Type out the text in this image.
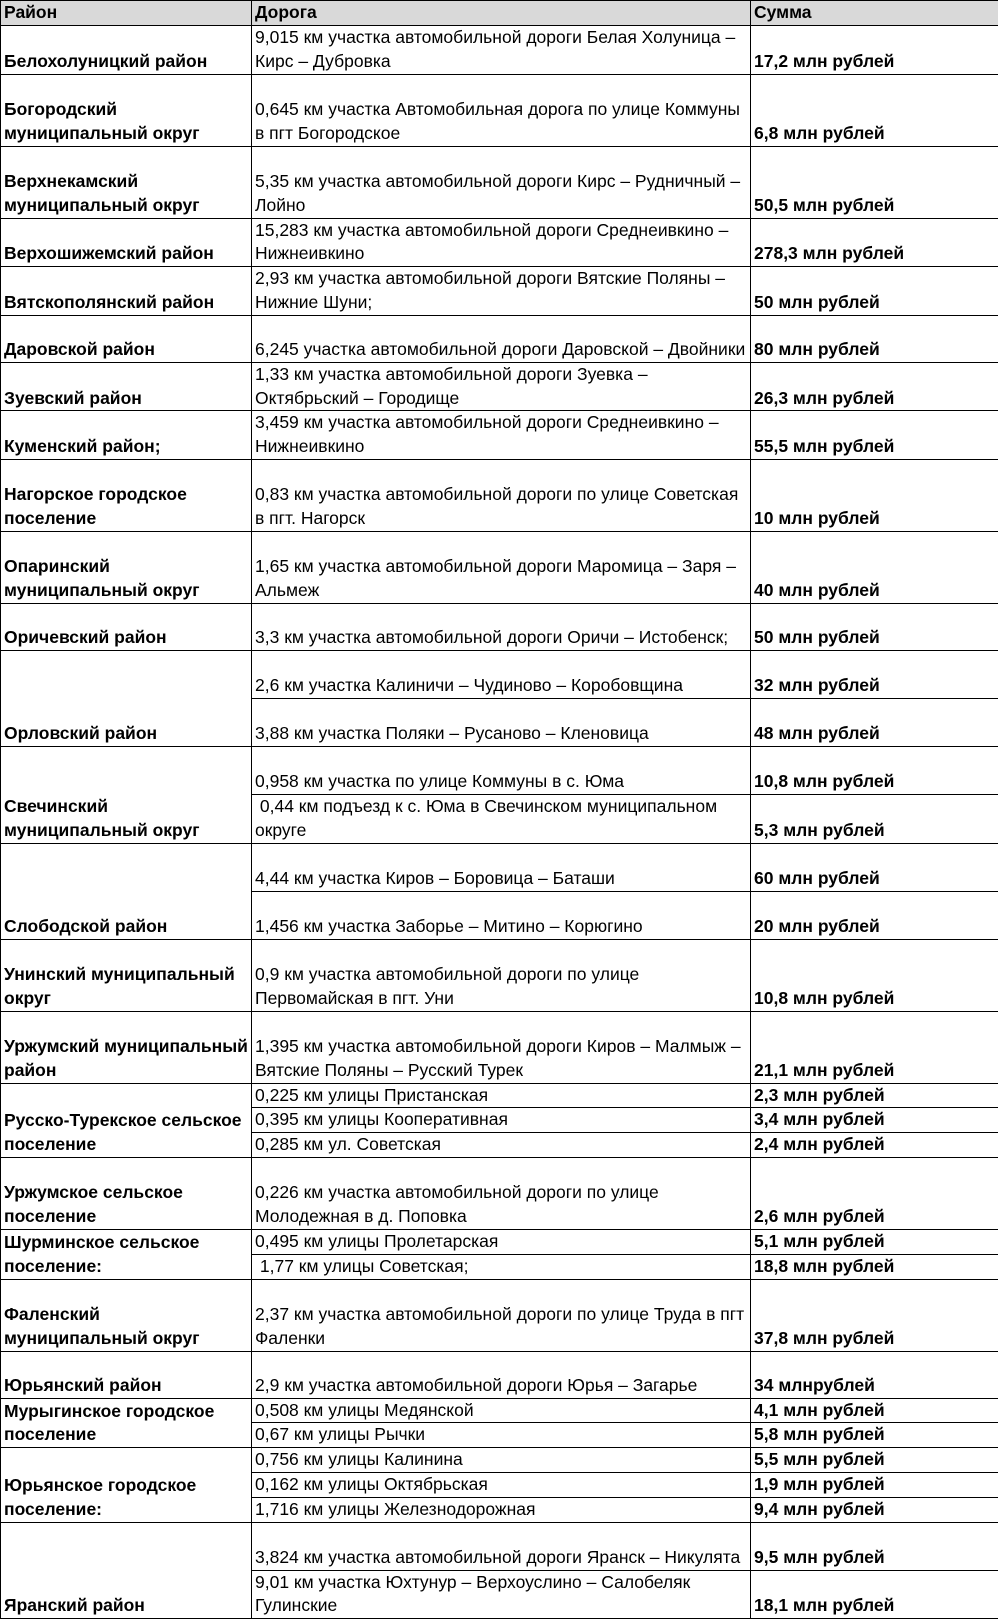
Район	Дорога	Сумма
Белохолуницкий район	9,015 км участка автомобильной дороги Белая Холуница – Кирс – Дубровка	17,2 млн рублей
Богородский муниципальный округ	0,645 км участка Автомобильная дорога по улице Коммуны в пгт Богородское	6,8 млн рублей
Верхнекамский муниципальный округ	5,35 км участка автомобильной дороги Кирс – Рудничный – Лойно	50,5 млн рублей
Верхошижемский район	15,283 км участка автомобильной дороги Среднеивкино – Нижнеивкино	278,3 млн рублей
Вятскополянский район	2,93 км участка автомобильной дороги Вятские Поляны – Нижние Шуни;	50 млн рублей
Даровской район	6,245 участка автомобильной дороги Даровской – Двойники	80 млн рублей
Зуевский район	1,33 км участка автомобильной дороги Зуевка – Октябрьский – Городище	26,3 млн рублей
Куменский район;	3,459 км участка автомобильной дороги Среднеивкино – Нижнеивкино	55,5 млн рублей
Нагорское городское поселение	0,83 км участка автомобильной дороги по улице Советская в пгт. Нагорск	10 млн рублей
Опаринский муниципальный округ	1,65 км участка автомобильной дороги Маромица – Заря – Альмеж	40 млн рублей
Оричевский район	3,3 км участка автомобильной дороги Оричи – Истобенск;	50 млн рублей
Орловский район	2,6 км участка Калиничи – Чудиново – Коробовщина	32 млн рублей
	3,88 км участка Поляки – Русаново – Кленовица	48 млн рублей
Свечинский муниципальный округ	0,958 км участка по улице Коммуны в с. Юма	10,8 млн рублей
	0,44 км подъезд к с. Юма в Свечинском муниципальном округе	5,3 млн рублей
Слободской район	4,44 км участка Киров – Боровица – Баташи	60 млн рублей
	1,456 км участка Заборье – Митино – Корюгино	20 млн рублей
Унинский муниципальный округ	0,9 км участка автомобильной дороги по улице Первомайская в пгт. Уни	10,8 млн рублей
Уржумский муниципальный район	1,395 км участка автомобильной дороги Киров – Малмыж – Вятские Поляны – Русский Турек	21,1 млн рублей
Русско-Турекское сельское поселение	0,225 км улицы Пристанская	2,3 млн рублей
	0,395 км улицы Кооперативная	3,4 млн рублей
	0,285 км ул. Советская	2,4 млн рублей
Уржумское сельское поселение	0,226 км участка автомобильной дороги по улице Молодежная в д. Поповка	2,6 млн рублей
Шурминское сельское поселение:	0,495 км улицы Пролетарская	5,1 млн рублей
	1,77 км улицы Советская;	18,8 млн рублей
Фаленский муниципальный округ	2,37 км участка автомобильной дороги по улице Труда в пгт Фаленки	37,8 млн рублей
Юрьянский район	2,9 км участка автомобильной дороги Юрья – Загарье	34 млнрублей
Мурыгинское городское поселение	0,508 км улицы Медянской	4,1 млн рублей
	0,67 км улицы Рычки	5,8 млн рублей
Юрьянское городское поселение:	0,756 км улицы Калинина	5,5 млн рублей
	0,162 км улицы Октябрьская	1,9 млн рублей
	1,716 км улицы Железнодорожная	9,4 млн рублей
Яранский район	3,824 км участка автомобильной дороги Яранск – Никулята	9,5 млн рублей
	9,01 км участка Юхтунур – Верхоуслино – Салобеляк Гулинские	18,1 млн рублей
